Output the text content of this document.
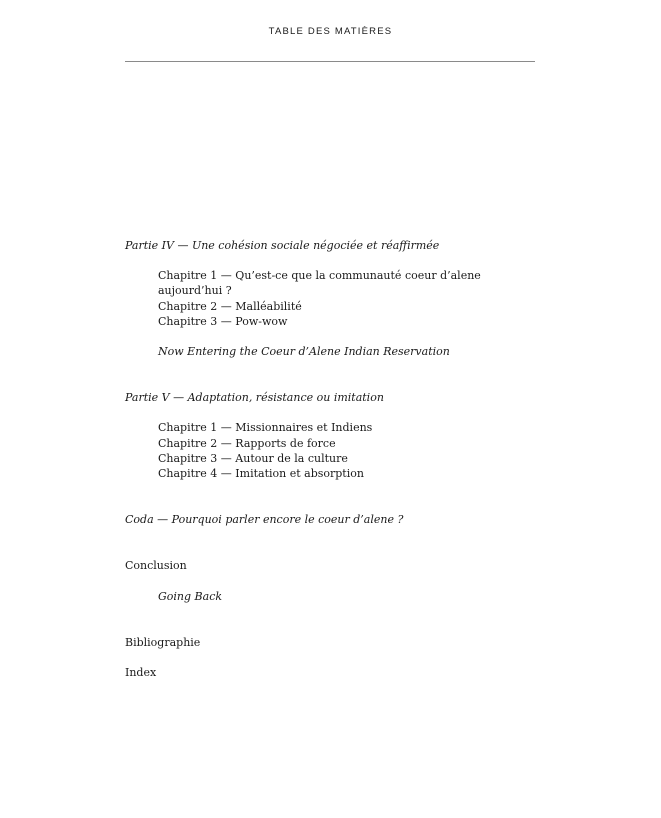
TABLE DES MATIÈRES
Partie IV — Une cohésion sociale négociée et réaffirmée
Chapitre 1 — Qu’est-ce que la communauté coeur d’alene
aujourd’hui ?
Chapitre 2 — Malléabilité
Chapitre 3 — Pow-wow
Now Entering the Coeur d’Alene Indian Reservation
Partie V — Adaptation, résistance ou imitation
Chapitre 1 — Missionnaires et Indiens
Chapitre 2 — Rapports de force
Chapitre 3 — Autour de la culture
Chapitre 4 — Imitation et absorption
Coda — Pourquoi parler encore le coeur d’alene ?
Conclusion
Going Back
Bibliographie
Index
